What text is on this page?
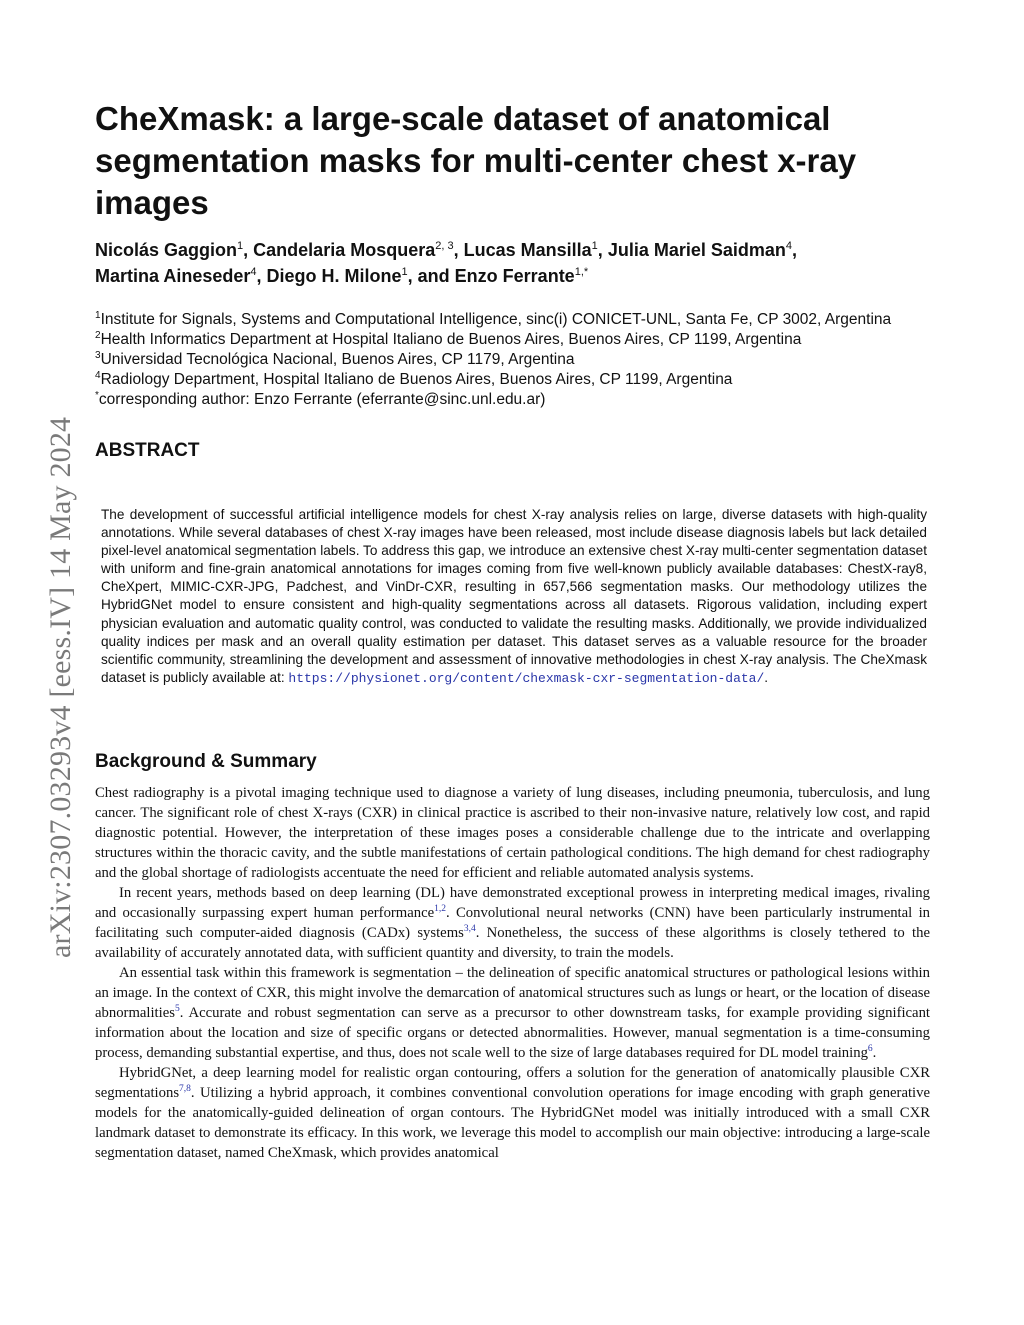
arXiv:2307.03293v4 [eess.IV] 14 May 2024
CheXmask: a large-scale dataset of anatomical segmentation masks for multi-center chest x-ray images
Nicolás Gaggion$^1$, Candelaria Mosquera$^{2, 3}$, Lucas Mansilla$^1$, Julia Mariel Saidman$^4$,
Martina Aineseder$^4$, Diego H. Milone$^1$, and Enzo Ferrante$^{1,*}$
$^1$Institute for Signals, Systems and Computational Intelligence, sinc(i) CONICET-UNL, Santa Fe, CP 3002, Argentina
$^2$Health Informatics Department at Hospital Italiano de Buenos Aires, Buenos Aires, CP 1199, Argentina
$^3$Universidad Tecnológica Nacional, Buenos Aires, CP 1179, Argentina
$^4$Radiology Department, Hospital Italiano de Buenos Aires, Buenos Aires, CP 1199, Argentina
*corresponding author: Enzo Ferrante (eferrante@sinc.unl.edu.ar)
ABSTRACT

The development of successful artificial intelligence models for chest X-ray analysis relies on large, diverse datasets with high-quality annotations. While several databases of chest X-ray images have been released, most include disease diagnosis labels but lack detailed pixel-level anatomical segmentation labels. To address this gap, we introduce an extensive chest X-ray multi-center segmentation dataset with uniform and fine-grain anatomical annotations for images coming from five well-known publicly available databases: ChestX-ray8, CheXpert, MIMIC-CXR-JPG, Padchest, and VinDr-CXR, resulting in 657,566 segmentation masks. Our methodology utilizes the HybridGNet model to ensure consistent and high-quality segmentations across all datasets. Rigorous validation, including expert physician evaluation and automatic quality control, was conducted to validate the resulting masks. Additionally, we provide individualized quality indices per mask and an overall quality estimation per dataset. This dataset serves as a valuable resource for the broader scientific community, streamlining the development and assessment of innovative methodologies in chest X-ray analysis. The CheXmask dataset is publicly available at: https://physionet.org/content/chexmask-cxr-segmentation-data/.

Background & Summary

Chest radiography is a pivotal imaging technique used to diagnose a variety of lung diseases, including pneumonia, tuberculosis, and lung cancer. The significant role of chest X-rays (CXR) in clinical practice is ascribed to their non-invasive nature, relatively low cost, and rapid diagnostic potential. However, the interpretation of these images poses a considerable challenge due to the intricate and overlapping structures within the thoracic cavity, and the subtle manifestations of certain pathological conditions. The high demand for chest radiography and the global shortage of radiologists accentuate the need for efficient and reliable automated analysis systems.

In recent years, methods based on deep learning (DL) have demonstrated exceptional prowess in interpreting medical images, rivaling and occasionally surpassing expert human performance$^{1,2}$. Convolutional neural networks (CNN) have been particularly instrumental in facilitating such computer-aided diagnosis (CADx) systems$^{3,4}$. Nonetheless, the success of these algorithms is closely tethered to the availability of accurately annotated data, with sufficient quantity and diversity, to train the models.

An essential task within this framework is segmentation – the delineation of specific anatomical structures or pathological lesions within an image. In the context of CXR, this might involve the demarcation of anatomical structures such as lungs or heart, or the location of disease abnormalities$^5$. Accurate and robust segmentation can serve as a precursor to other downstream tasks, for example providing significant information about the location and size of specific organs or detected abnormalities. However, manual segmentation is a time-consuming process, demanding substantial expertise, and thus, does not scale well to the size of large databases required for DL model training$^6$.

HybridGNet, a deep learning model for realistic organ contouring, offers a solution for the generation of anatomically plausible CXR segmentations$^{7,8}$. Utilizing a hybrid approach, it combines conventional convolution operations for image encoding with graph generative models for the anatomically-guided delineation of organ contours. The HybridGNet model was initially introduced with a small CXR landmark dataset to demonstrate its efficacy. In this work, we leverage this model to accomplish our main objective: introducing a large-scale segmentation dataset, named CheXmask, which provides anatomical
